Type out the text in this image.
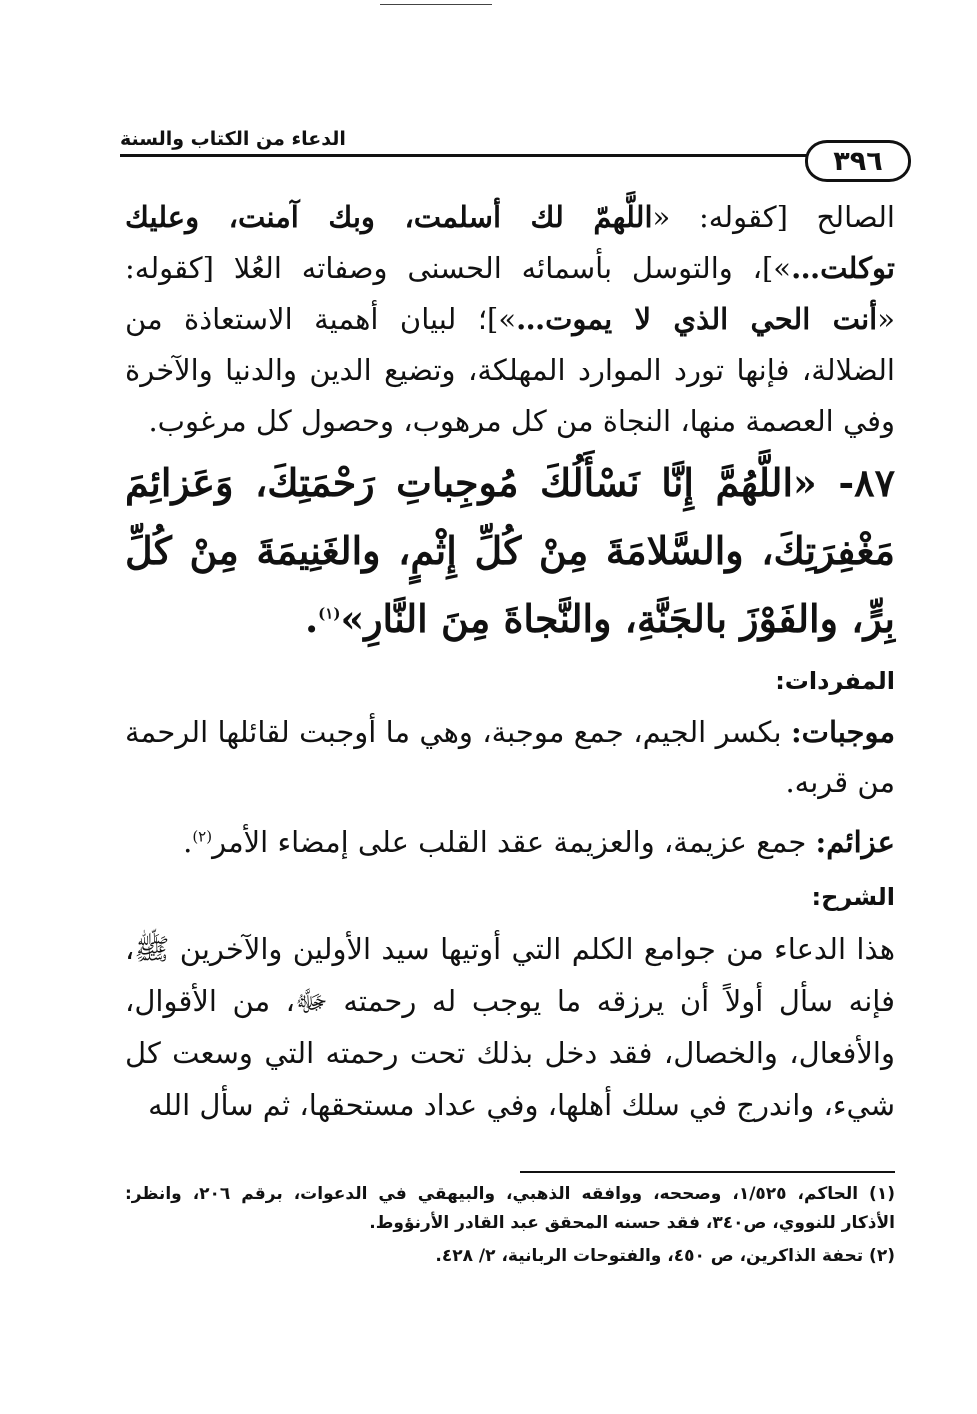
الدعاء من الكتاب والسنة
٣٩٦

الصالح [كقوله: «اللَّهمّ لك أسلمت، وبك آمنت، وعليك توكلت…»]، والتوسل بأسمائه الحسنى وصفاته العُلا [كقوله: «أنت الحي الذي لا يموت…»]؛ لبيان أهمية الاستعاذة من الضلالة، فإنها تورد الموارد المهلكة، وتضيع الدين والدنيا والآخرة وفي العصمة منها، النجاة من كل مرهوب، وحصول كل مرغوب.

٨٧- «اللَّهُمَّ إِنَّا نَسْأَلُكَ مُوجِباتِ رَحْمَتِكَ، وَعَزائِمَ مَغْفِرَتِكَ، والسَّلامَةَ مِنْ كُلِّ إِثْمٍ، والغَنِيمَةَ مِنْ كُلِّ بِرٍّ، والفَوْزَ بالجَنَّةِ، والنَّجاةَ مِنَ النَّارِ»$^{(١)}$.

المفردات:

موجبات: بكسر الجيم، جمع موجبة، وهي ما أوجبت لقائلها الرحمة من قربه.

عزائم: جمع عزيمة، والعزيمة عقد القلب على إمضاء الأمر$^{(٢)}$.

الشرح:

هذا الدعاء من جوامع الكلم التي أوتيها سيد الأولين والآخرين ﷺ، فإنه سأل أولاً أن يرزقه ما يوجب له رحمته ﷻ، من الأقوال، والأفعال، والخصال، فقد دخل بذلك تحت رحمته التي وسعت كل شيء، واندرج في سلك أهلها، وفي عداد مستحقها، ثم سأل الله

(١) الحاكم، ١/٥٢٥، وصححه، ووافقه الذهبي، والبيهقي في الدعوات، برقم ٢٠٦، وانظر: الأذكار للنووي، ص٣٤٠، فقد حسنه المحقق عبد القادر الأرنؤوط.

(٢) تحفة الذاكرين، ص ٤٥٠، والفتوحات الربانية، ٢/ ٤٢٨.
